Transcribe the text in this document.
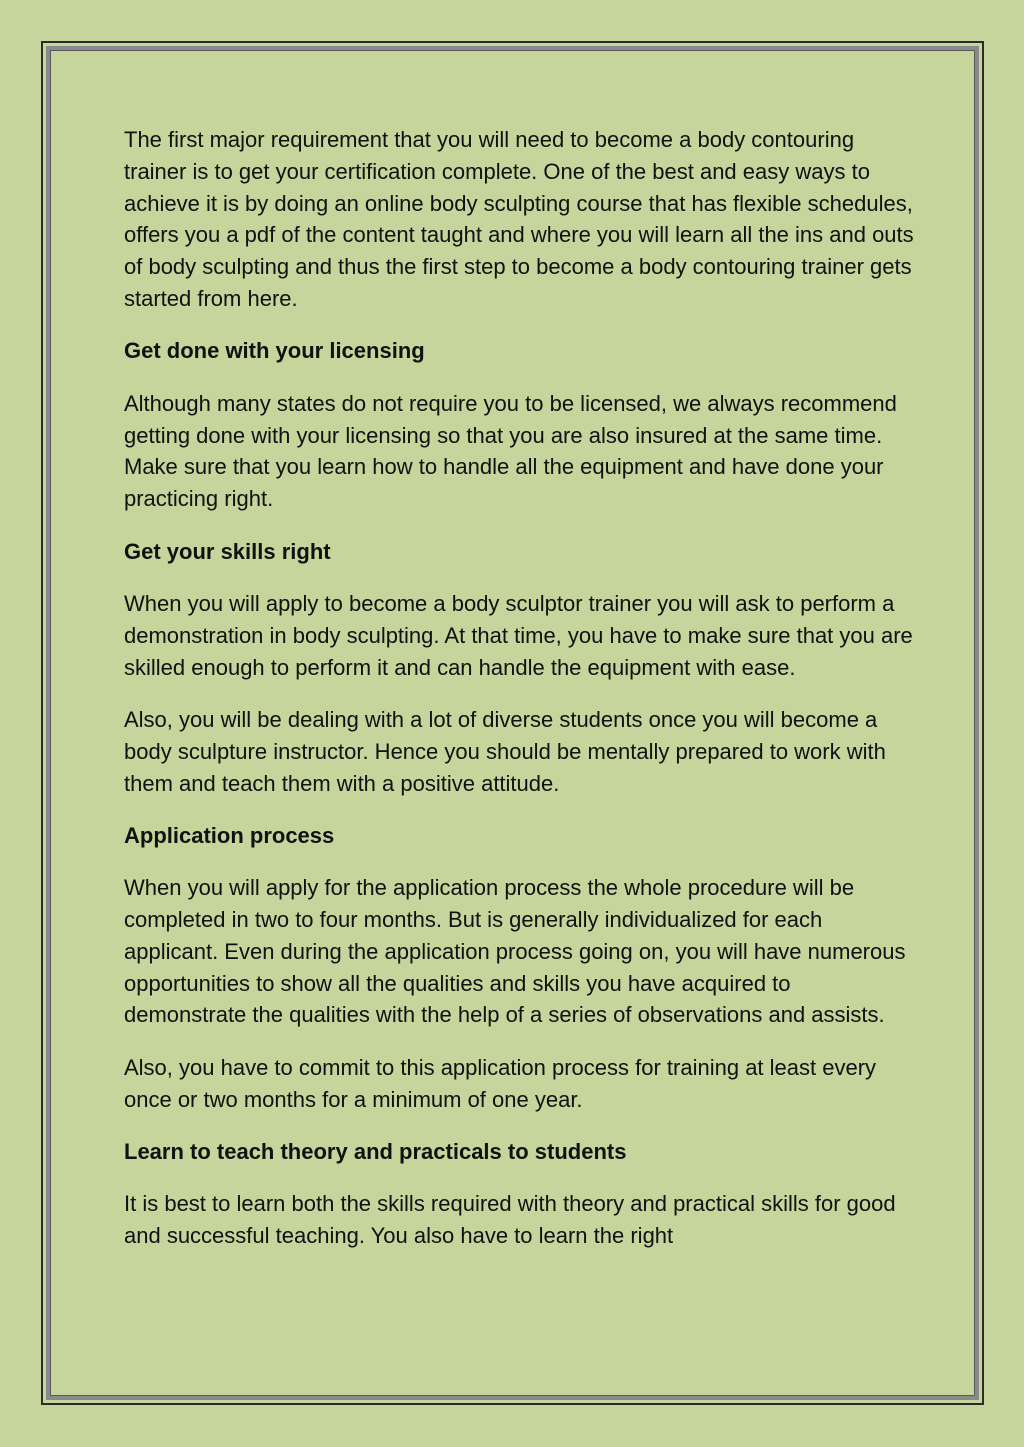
The first major requirement that you will need to become a body contouring trainer is to get your certification complete. One of the best and easy ways to achieve it is by doing an online body sculpting course that has flexible schedules, offers you a pdf of the content taught and where you will learn all the ins and outs of body sculpting and thus the first step to become a body contouring trainer gets started from here.

Get done with your licensing

Although many states do not require you to be licensed, we always recommend getting done with your licensing so that you are also insured at the same time. Make sure that you learn how to handle all the equipment and have done your practicing right.

Get your skills right

When you will apply to become a body sculptor trainer you will ask to perform a demonstration in body sculpting. At that time, you have to make sure that you are skilled enough to perform it and can handle the equipment with ease.

Also, you will be dealing with a lot of diverse students once you will become a body sculpture instructor. Hence you should be mentally prepared to work with them and teach them with a positive attitude.

Application process

When you will apply for the application process the whole procedure will be completed in two to four months. But is generally individualized for each applicant. Even during the application process going on, you will have numerous opportunities to show all the qualities and skills you have acquired to demonstrate the qualities with the help of a series of observations and assists.

Also, you have to commit to this application process for training at least every once or two months for a minimum of one year.

Learn to teach theory and practicals to students

It is best to learn both the skills required with theory and practical skills for good and successful teaching. You also have to learn the right
